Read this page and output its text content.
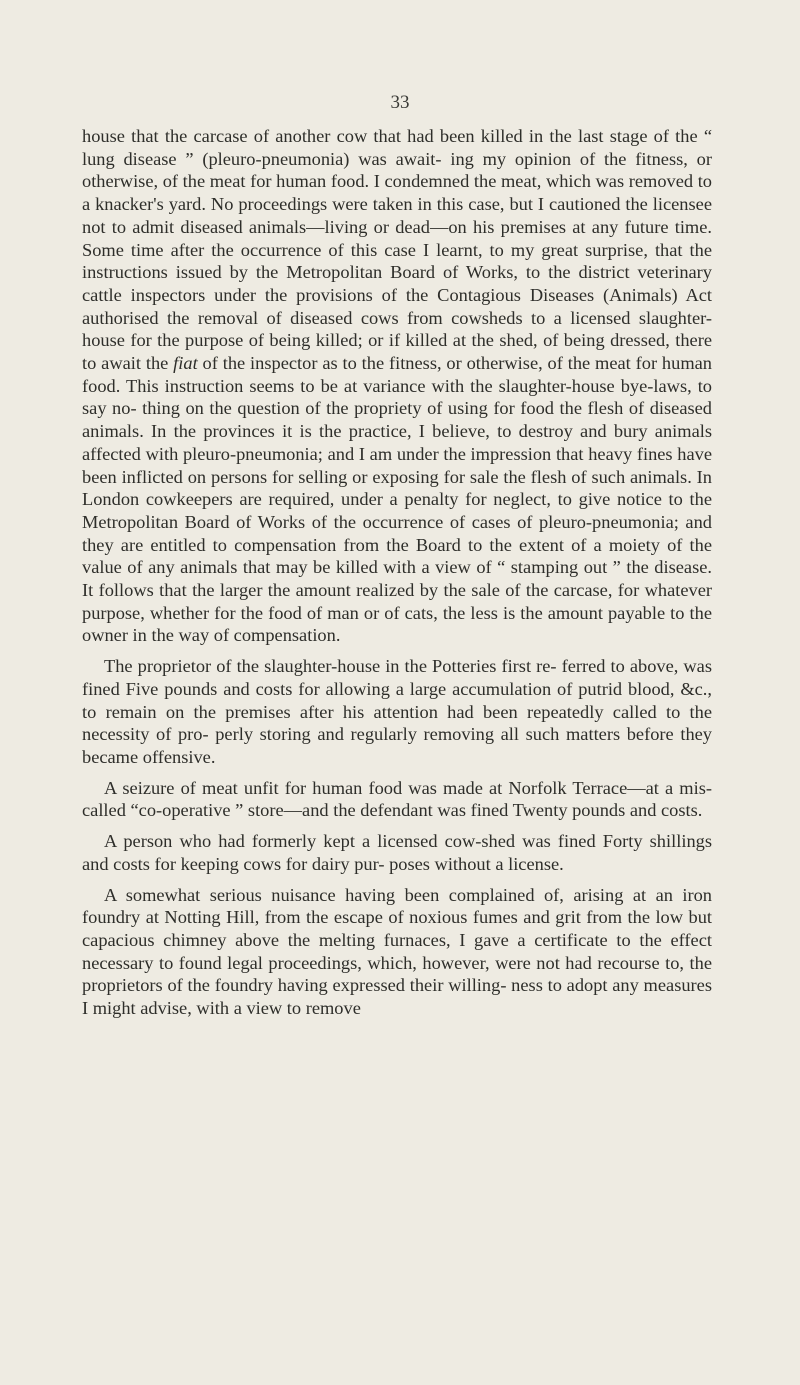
33

house that the carcase of another cow that had been killed in the last stage of the “ lung disease ” (pleuro-pneumonia) was await- ing my opinion of the fitness, or otherwise, of the meat for human food. I condemned the meat, which was removed to a knacker's yard. No proceedings were taken in this case, but I cautioned the licensee not to admit diseased animals—living or dead—on his premises at any future time. Some time after the occurrence of this case I learnt, to my great surprise, that the instructions issued by the Metropolitan Board of Works, to the district veterinary cattle inspectors under the provisions of the Contagious Diseases (Animals) Act authorised the removal of diseased cows from cowsheds to a licensed slaughter-house for the purpose of being killed; or if killed at the shed, of being dressed, there to await the fiat of the inspector as to the fitness, or otherwise, of the meat for human food. This instruction seems to be at variance with the slaughter-house bye-laws, to say no- thing on the question of the propriety of using for food the flesh of diseased animals. In the provinces it is the practice, I believe, to destroy and bury animals affected with pleuro-pneumonia; and I am under the impression that heavy fines have been inflicted on persons for selling or exposing for sale the flesh of such animals. In London cowkeepers are required, under a penalty for neglect, to give notice to the Metropolitan Board of Works of the occurrence of cases of pleuro-pneumonia; and they are entitled to compensation from the Board to the extent of a moiety of the value of any animals that may be killed with a view of “ stamping out ” the disease. It follows that the larger the amount realized by the sale of the carcase, for whatever purpose, whether for the food of man or of cats, the less is the amount payable to the owner in the way of compensation.

The proprietor of the slaughter-house in the Potteries first re- ferred to above, was fined Five pounds and costs for allowing a large accumulation of putrid blood, &c., to remain on the premises after his attention had been repeatedly called to the necessity of pro- perly storing and regularly removing all such matters before they became offensive.

A seizure of meat unfit for human food was made at Norfolk Terrace—at a mis-called “co-operative ” store—and the defendant was fined Twenty pounds and costs.

A person who had formerly kept a licensed cow-shed was fined Forty shillings and costs for keeping cows for dairy pur- poses without a license.

A somewhat serious nuisance having been complained of, arising at an iron foundry at Notting Hill, from the escape of noxious fumes and grit from the low but capacious chimney above the melting furnaces, I gave a certificate to the effect necessary to found legal proceedings, which, however, were not had recourse to, the proprietors of the foundry having expressed their willing- ness to adopt any measures I might advise, with a view to remove
